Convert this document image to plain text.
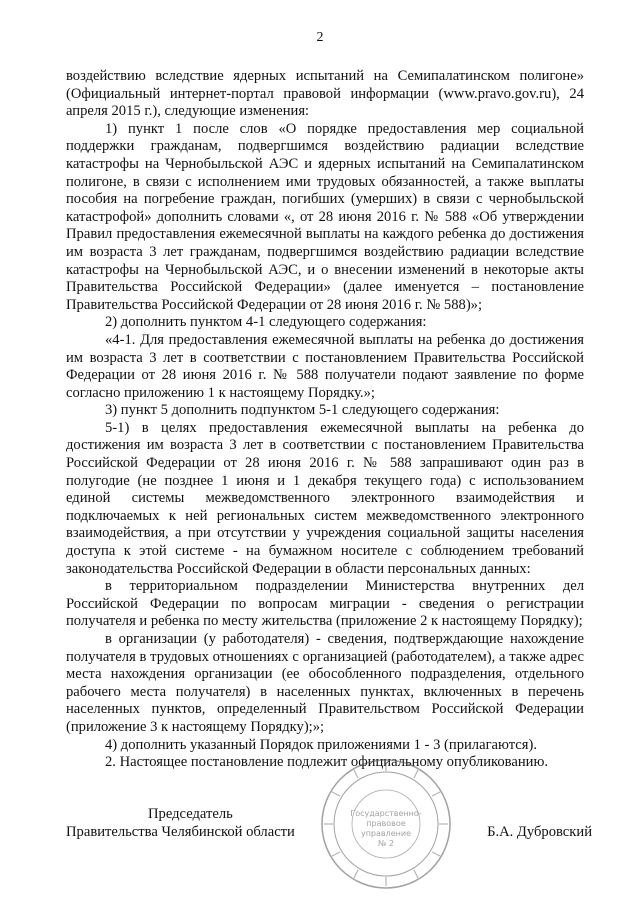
2

воздействию вследствие ядерных испытаний на Семипалатинском полигоне» (Официальный интернет-портал правовой информации (www.pravo.gov.ru), 24 апреля 2015 г.), следующие изменения:

1) пункт 1 после слов «О порядке предоставления мер социальной поддержки гражданам, подвергшимся воздействию радиации вследствие катастрофы на Чернобыльской АЭС и ядерных испытаний на Семипалатинском полигоне, в связи с исполнением ими трудовых обязанностей, а также выплаты пособия на погребение граждан, погибших (умерших) в связи с чернобыльской катастрофой» дополнить словами «, от 28 июня 2016 г. № 588 «Об утверждении Правил предоставления ежемесячной выплаты на каждого ребенка до достижения им возраста 3 лет гражданам, подвергшимся воздействию радиации вследствие катастрофы на Чернобыльской АЭС, и о внесении изменений в некоторые акты Правительства Российской Федерации» (далее именуется – постановление Правительства Российской Федерации от 28 июня 2016 г. № 588)»;

2) дополнить пунктом 4-1 следующего содержания:

«4-1. Для предоставления ежемесячной выплаты на ребенка до достижения им возраста 3 лет в соответствии с постановлением Правительства Российской Федерации от 28 июня 2016 г. № 588 получатели подают заявление по форме согласно приложению 1 к настоящему Порядку.»;

3) пункт 5 дополнить подпунктом 5-1 следующего содержания:

5-1) в целях предоставления ежемесячной выплаты на ребенка до достижения им возраста 3 лет в соответствии с постановлением Правительства Российской Федерации от 28 июня 2016 г. № 588 запрашивают один раз в полугодие (не позднее 1 июня и 1 декабря текущего года) с использованием единой системы межведомственного электронного взаимодействия и подключаемых к ней региональных систем межведомственного электронного взаимодействия, а при отсутствии у учреждения социальной защиты населения доступа к этой системе - на бумажном носителе с соблюдением требований законодательства Российской Федерации в области персональных данных:

в территориальном подразделении Министерства внутренних дел Российской Федерации по вопросам миграции - сведения о регистрации получателя и ребенка по месту жительства (приложение 2 к настоящему Порядку);

в организации (у работодателя) - сведения, подтверждающие нахождение получателя в трудовых отношениях с организацией (работодателем), а также адрес места нахождения организации (ее обособленного подразделения, отдельного рабочего места получателя) в населенных пунктах, включенных в перечень населенных пунктов, определенный Правительством Российской Федерации (приложение 3 к настоящему Порядку);»;

4) дополнить указанный Порядок приложениями 1 - 3 (прилагаются).

2. Настоящее постановление подлежит официальному опубликованию.

Председатель
Правительства Челябинской области	Б.А. Дубровский
Государственно-
правовое
управление
№ 2
